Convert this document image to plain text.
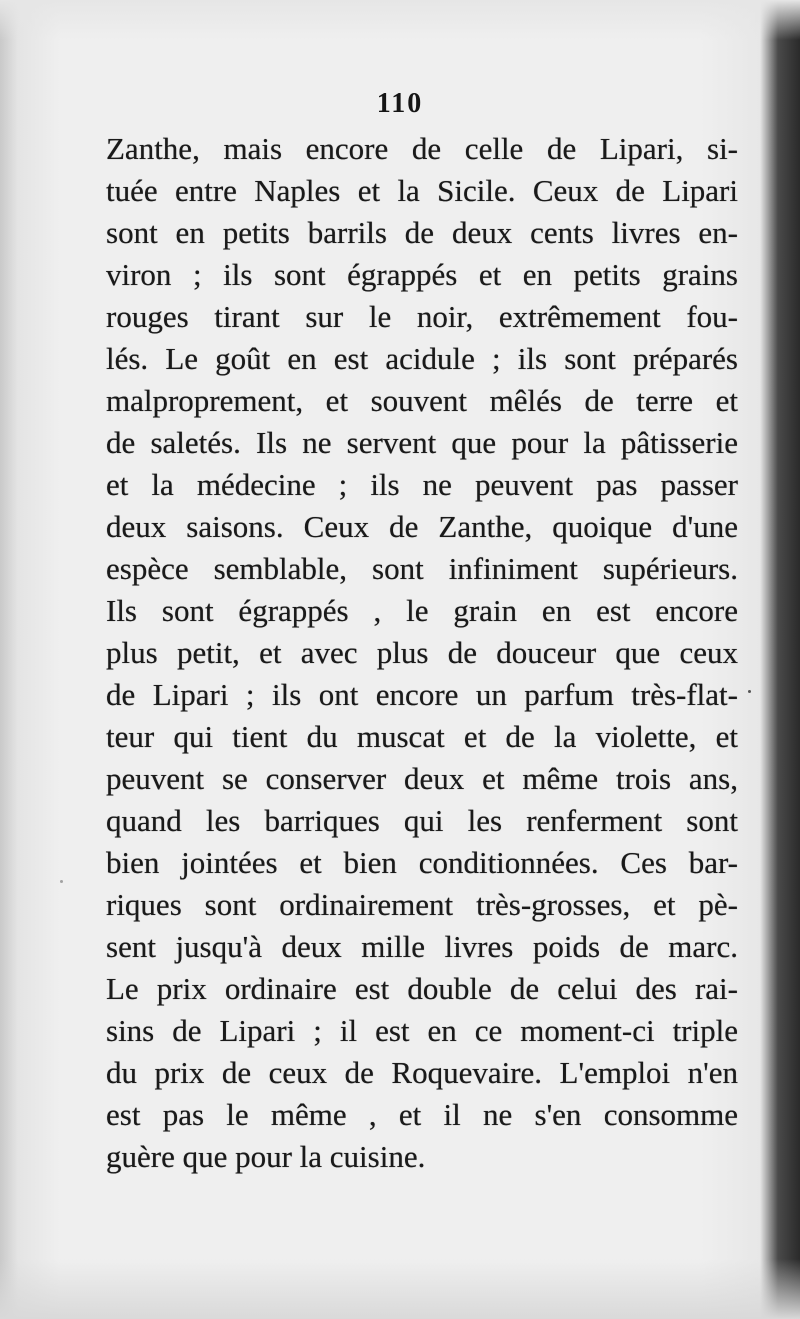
110
Zanthe, mais encore de celle de Lipari, si-
tuée entre Naples et la Sicile. Ceux de Lipari
sont en petits barrils de deux cents livres en-
viron ; ils sont égrappés et en petits grains
rouges tirant sur le noir, extrêmement fou-
lés. Le goût en est acidule ; ils sont préparés
malproprement, et souvent mêlés de terre et
de saletés. Ils ne servent que pour la pâtisserie
et la médecine ; ils ne peuvent pas passer
deux saisons. Ceux de Zanthe, quoique d'une
espèce semblable, sont infiniment supérieurs.
Ils sont égrappés , le grain en est encore
plus petit, et avec plus de douceur que ceux
de Lipari ; ils ont encore un parfum très-flat-
teur qui tient du muscat et de la violette, et
peuvent se conserver deux et même trois ans,
quand les barriques qui les renferment sont
bien jointées et bien conditionnées. Ces bar-
riques sont ordinairement très-grosses, et pè-
sent jusqu'à deux mille livres poids de marc.
Le prix ordinaire est double de celui des rai-
sins de Lipari ; il est en ce moment-ci triple
du prix de ceux de Roquevaire. L'emploi n'en
est pas le même , et il ne s'en consomme
guère que pour la cuisine.
